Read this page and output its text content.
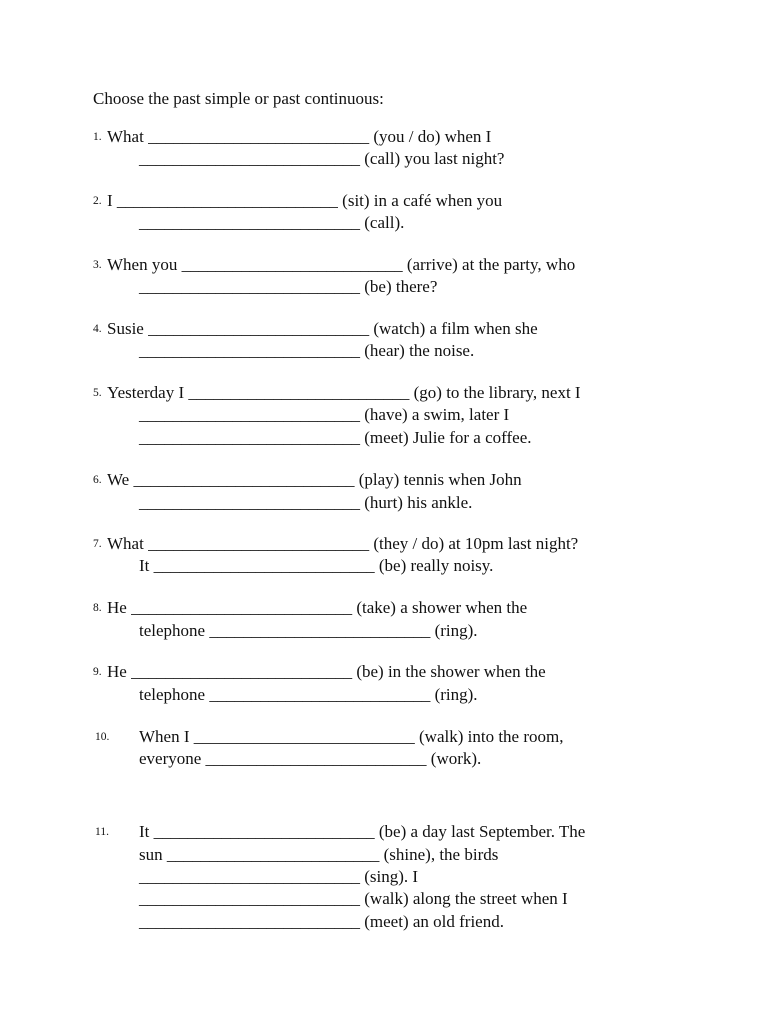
Choose the past simple or past continuous:
1. What __________________________ (you / do) when I
__________________________ (call) you last night?
2. I __________________________ (sit) in a café when you
__________________________ (call).
3. When you __________________________ (arrive) at the party, who
__________________________ (be) there?
4. Susie __________________________ (watch) a film when she
__________________________ (hear) the noise.
5. Yesterday I __________________________ (go) to the library, next I
__________________________ (have) a swim, later I
__________________________ (meet) Julie for a coffee.
6. We __________________________ (play) tennis when John
__________________________ (hurt) his ankle.
7. What __________________________ (they / do) at 10pm last night?
It __________________________ (be) really noisy.
8. He __________________________ (take) a shower when the
telephone __________________________ (ring).
9. He __________________________ (be) in the shower when the
telephone __________________________ (ring).
10. When I __________________________ (walk) into the room,
everyone __________________________ (work).
11. It __________________________ (be) a day last September. The
sun _________________________ (shine), the birds
__________________________ (sing). I
__________________________ (walk) along the street when I
__________________________ (meet) an old friend.
